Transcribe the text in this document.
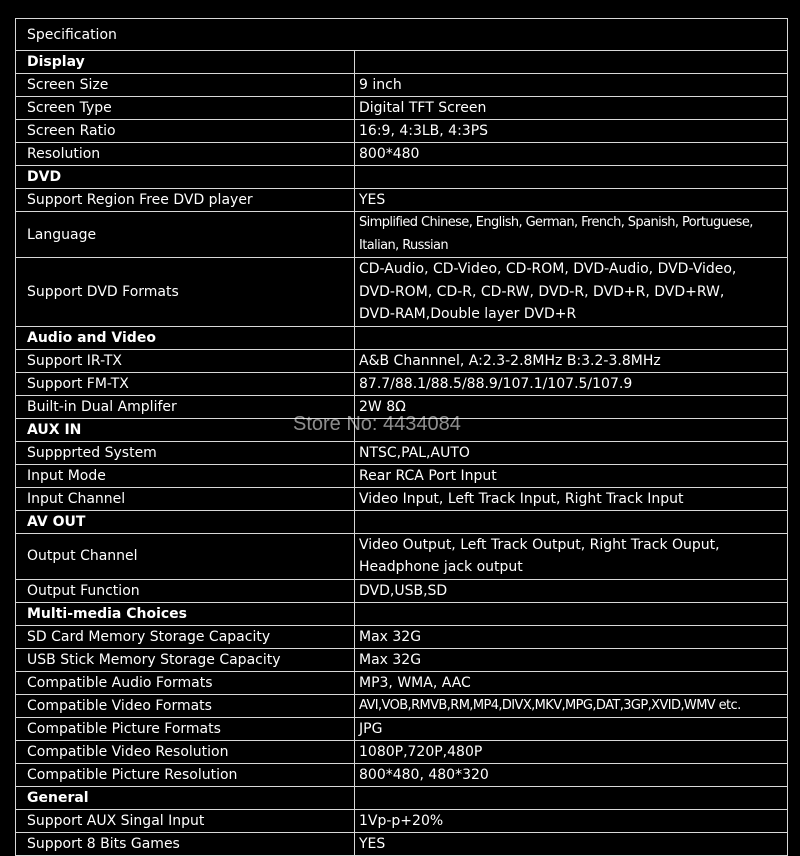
Specification	
Display	
Screen Size	9 inch
Screen Type	Digital TFT Screen
Screen Ratio	16:9, 4:3LB, 4:3PS
Resolution	800*480
DVD	
Support Region Free DVD player	YES
Language	Simplified Chinese, English, German, French, Spanish, Portuguese,
Italian, Russian

Support DVD Formats	CD-Audio, CD-Video, CD-ROM, DVD-Audio, DVD-Video,
DVD-ROM, CD-R, CD-RW, DVD-R, DVD+R, DVD+RW,
DVD-RAM,Double layer DVD+R

Audio and Video	
Support IR-TX	A&B Channnel, A:2.3-2.8MHz B:3.2-3.8MHz
Support FM-TX	87.7/88.1/88.5/88.9/107.1/107.5/107.9
Built-in Dual Amplifer	2W 8Ω
AUX IN	
Suppprted System	NTSC,PAL,AUTO
Input Mode	Rear RCA Port Input
Input Channel	Video Input, Left Track Input, Right Track Input
AV OUT	
Output Channel	Video Output, Left Track Output, Right Track Ouput,
Headphone jack output

Output Function	DVD,USB,SD
Multi-media Choices	
SD Card Memory Storage Capacity	Max 32G
USB Stick Memory Storage Capacity	Max 32G
Compatible Audio Formats	MP3, WMA, AAC
Compatible Video Formats	AVI,VOB,RMVB,RM,MP4,DIVX,MKV,MPG,DAT,3GP,XVID,WMV etc.
Compatible Picture Formats	JPG
Compatible Video Resolution	1080P,720P,480P
Compatible Picture Resolution	800*480, 480*320
General	
Support AUX Singal Input	1Vp-p+20%
Support 8 Bits Games	YES
Store No: 4434084
